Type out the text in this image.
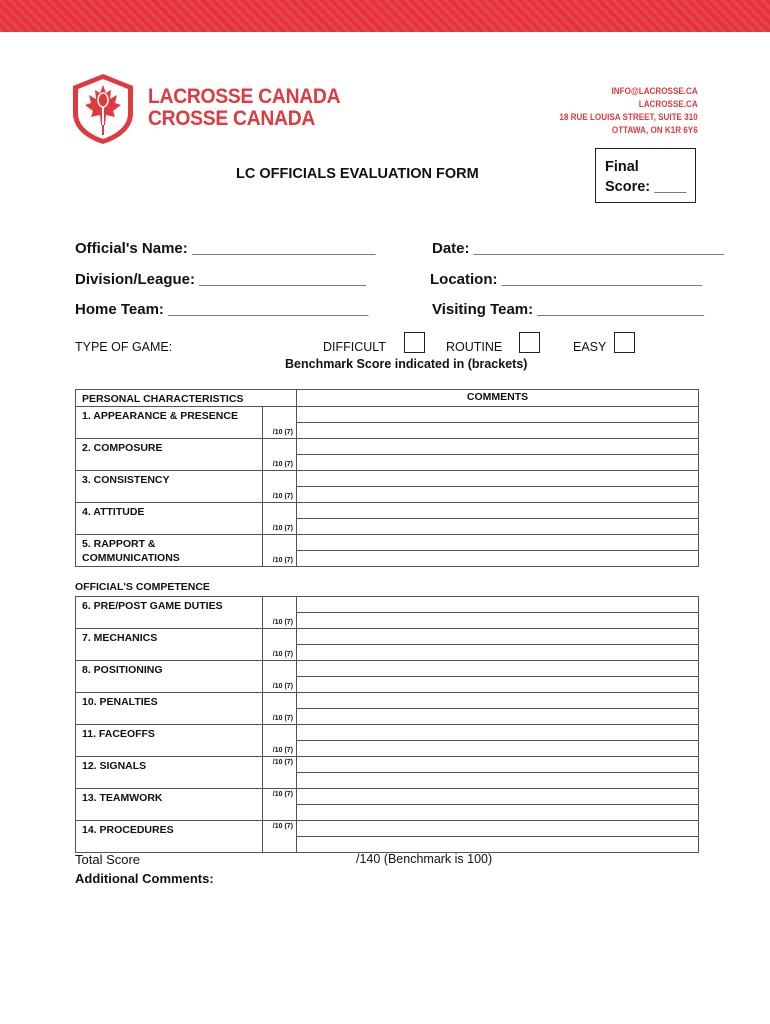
LACROSSE CANADA
CROSSE CANADA
INFO@LACROSSE.CA
LACROSSE.CA
18 RUE LOUISA STREET, SUITE 310
OTTAWA, ON K1R 6Y6
LC OFFICIALS EVALUATION FORM	Final
Score: ____
Official's Name: ______________________	Date: ______________________________
Division/League: ____________________	Location: ________________________
Home Team: ________________________	Visiting Team: ____________________
TYPE OF GAME:	DIFFICULT	ROUTINE	EASY
Benchmark Score indicated in (brackets)
PERSONAL CHARACTERISTICS		COMMENTS
1. APPEARANCE & PRESENCE	/10 (7)	

2. COMPOSURE	/10 (7)	

3. CONSISTENCY	/10 (7)	

4. ATTITUDE	/10 (7)	

5. RAPPORT & COMMUNICATIONS	/10 (7)	

OFFICIAL'S COMPETENCE
6. PRE/POST GAME DUTIES	/10 (7)	

7. MECHANICS	/10 (7)	

8. POSITIONING	/10 (7)	

10. PENALTIES	/10 (7)	

11. FACEOFFS	/10 (7)	

12. SIGNALS	/10 (7)	

13. TEAMWORK	/10 (7)	

14. PROCEDURES	/10 (7)	

Total Score	/140 (Benchmark is 100)
Additional Comments:
